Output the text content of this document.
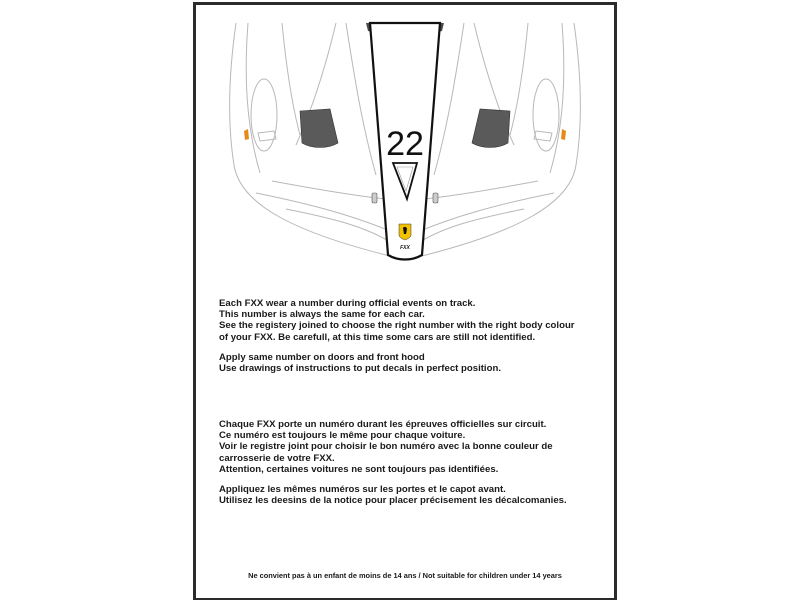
22
FXX

Each FXX wear a number during official events on track.
This number is always the same for each car.
See the registery joined to choose the right number with the right body colour
of your FXX. Be carefull, at this time some cars are still not identified.

Apply same number on doors and front hood
Use drawings of instructions to put decals in perfect position.

Chaque FXX porte un numéro durant les épreuves officielles sur circuit.
Ce numéro est toujours le même pour chaque voiture.
Voir le registre joint pour choisir le bon numéro avec la bonne couleur de
carrosserie de votre FXX.
Attention, certaines voitures ne sont toujours pas identifiées.

Appliquez les mêmes numéros sur les portes et le capot avant.
Utilisez les deesins de la notice pour placer précisement les décalcomanies.

Ne convient pas à un enfant de moins de 14 ans / Not suitable for children under 14 years
